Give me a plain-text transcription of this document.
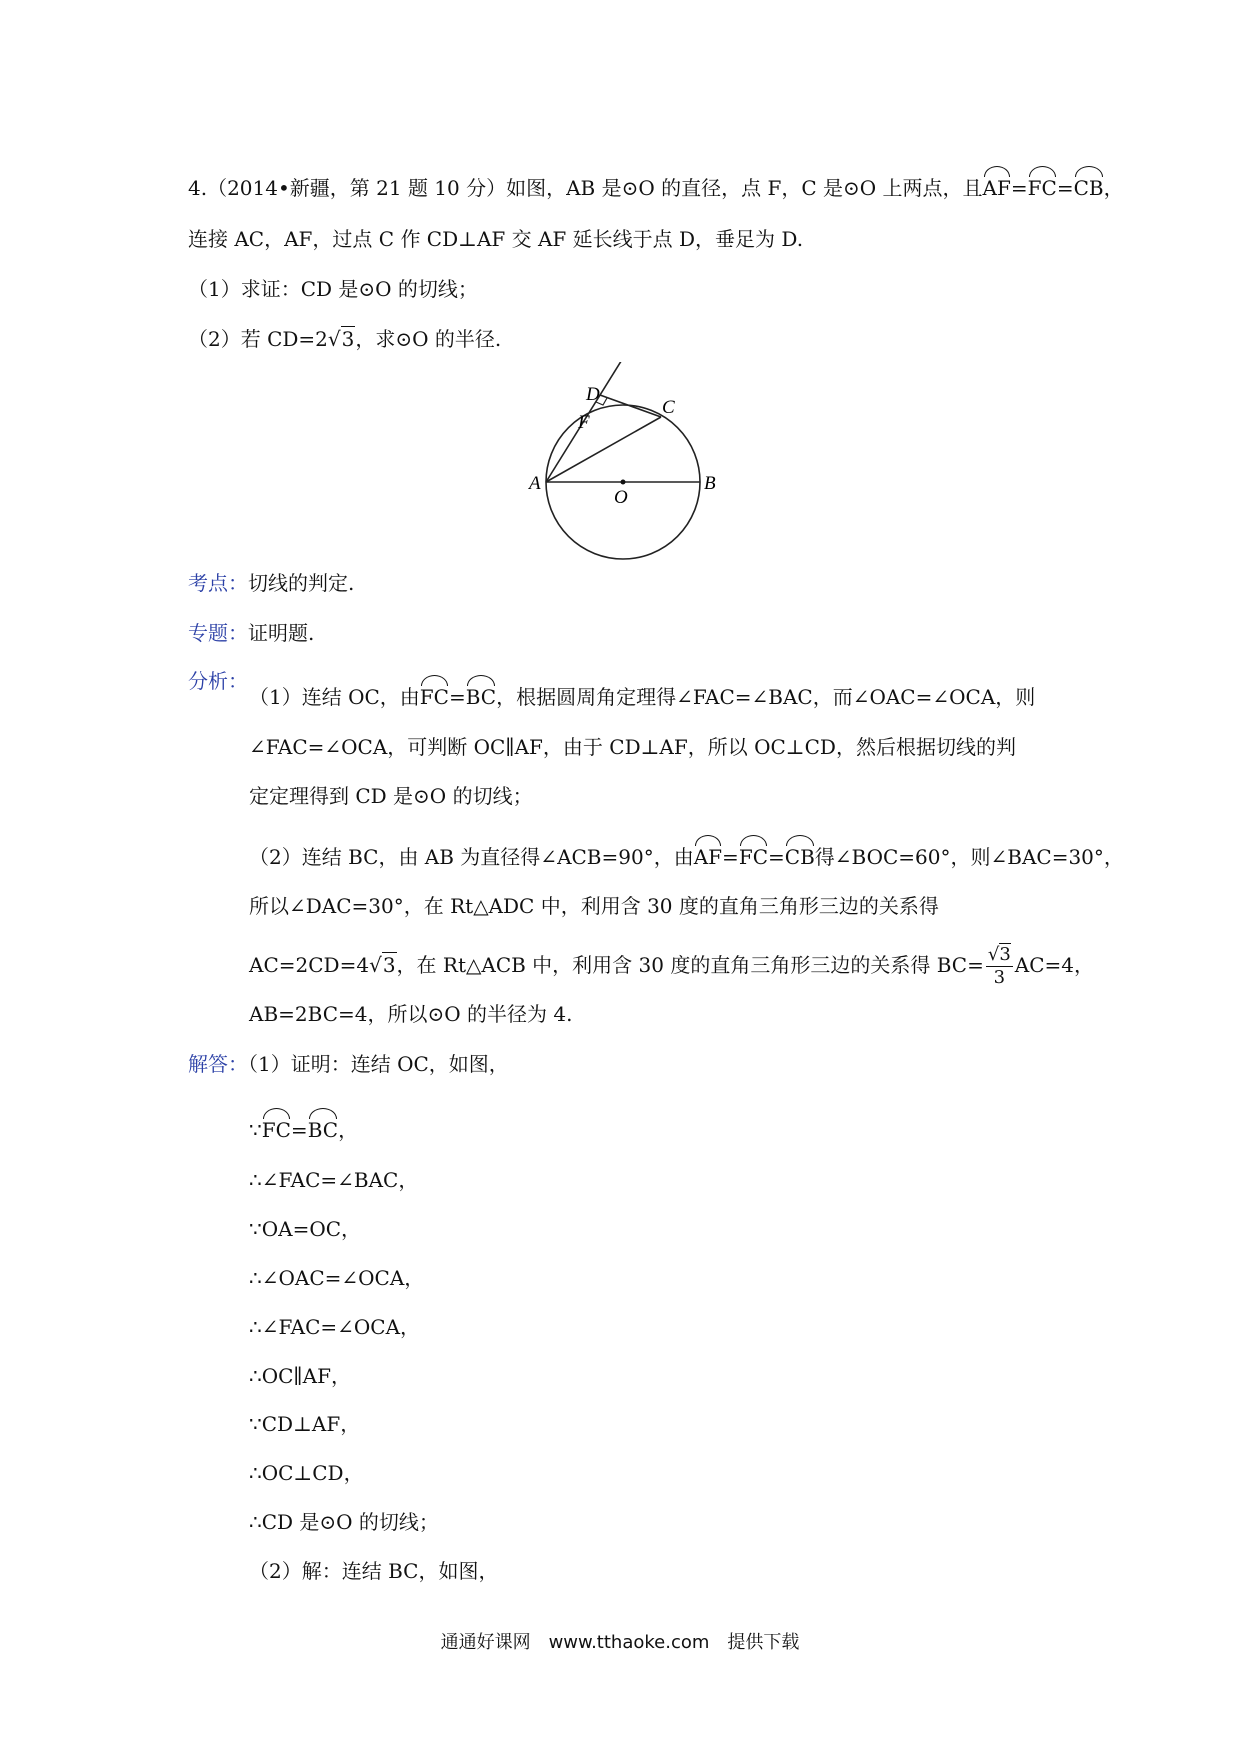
4.（2014•新疆，第 21 题 10 分）如图，AB 是⊙O 的直径，点 F，C 是⊙O 上两点，且AF=FC=CB，
连接 AC，AF，过点 C 作 CD⊥AF 交 AF 延长线于点 D，垂足为 D.
（1）求证：CD 是⊙O 的切线；
（2）若 CD=2√3，求⊙O 的半径.
D
F
C
A
O
B
考点：切线的判定.
专题：证明题.
分析：
（1）连结 OC，由FC=BC，根据圆周角定理得∠FAC=∠BAC，而∠OAC=∠OCA，则
∠FAC=∠OCA，可判断 OC∥AF，由于 CD⊥AF，所以 OC⊥CD，然后根据切线的判
定定理得到 CD 是⊙O 的切线；
（2）连结 BC，由 AB 为直径得∠ACB=90°，由AF=FC=CB得∠BOC=60°，则∠BAC=30°，
所以∠DAC=30°，在 Rt△ADC 中，利用含 30 度的直角三角形三边的关系得
AC=2CD=4√3，在 Rt△ACB 中，利用含 30 度的直角三角形三边的关系得 $BC= \frac{√3}{3} AC=4$，
AB=2BC=4，所以⊙O 的半径为 4.
解答：（1）证明：连结 OC，如图，
∵FC=BC，
∴∠FAC=∠BAC，
∵OA=OC，
∴∠OAC=∠OCA，
∴∠FAC=∠OCA，
∴OC∥AF，
∵CD⊥AF，
∴OC⊥CD，
∴CD 是⊙O 的切线；
（2）解：连结 BC，如图，
通通好课网　www.tthaoke.com　提供下载
